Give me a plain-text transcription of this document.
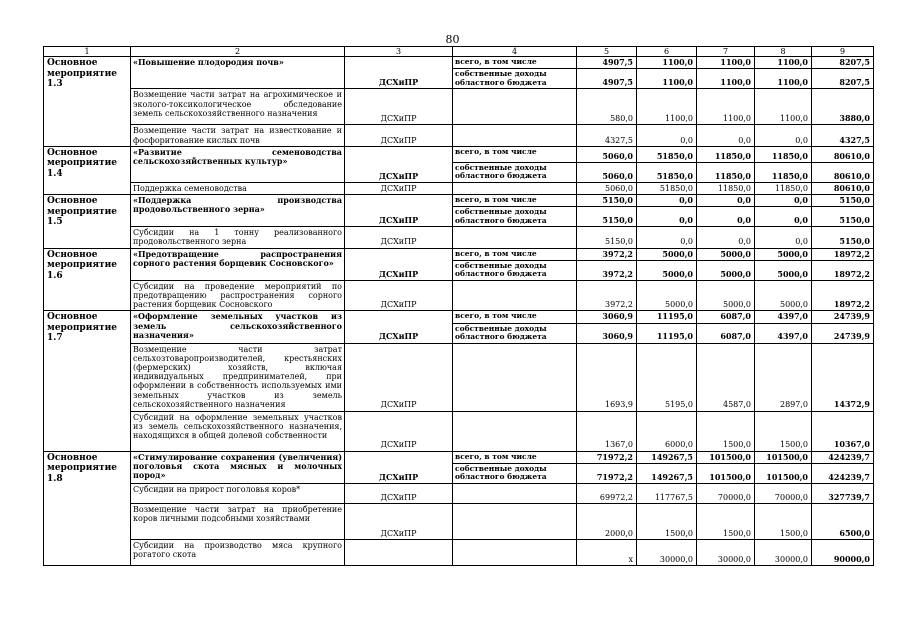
80
1	2	3	4	5	6	7	8	9
Основное мероприятие 1.3	«Повышение плодородия почв»	ДСХиПР	всего, в том числе	4907,5	1100,0	1100,0	1100,0	8207,5
			собственные доходы областного бюджета	4907,5	1100,0	1100,0	1100,0	8207,5
	Возмещение части затрат на агрохимическое и эколого-токсикологическое обследование земель сельскохозяйственного назначения	ДСХиПР		580,0	1100,0	1100,0	1100,0	3880,0
	Возмещение части затрат на известкование и фосфоритование кислых почв	ДСХиПР		4327,5	0,0	0,0	0,0	4327,5
Основное мероприятие 1.4	«Развитие семеноводства сельскохозяйственных культур»	ДСХиПР	всего, в том числе	5060,0	51850,0	11850,0	11850,0	80610,0
			собственные доходы областного бюджета	5060,0	51850,0	11850,0	11850,0	80610,0
	Поддержка семеноводства	ДСХиПР		5060,0	51850,0	11850,0	11850,0	80610,0
Основное мероприятие 1.5	«Поддержка производства продовольственного зерна»	ДСХиПР	всего, в том числе	5150,0	0,0	0,0	0,0	5150,0
			собственные доходы областного бюджета	5150,0	0,0	0,0	0,0	5150,0
	Субсидии на 1 тонну реализованного продовольственного зерна	ДСХиПР		5150,0	0,0	0,0	0,0	5150,0
Основное мероприятие 1.6	«Предотвращение распространения сорного растения борщевик Сосновского»	ДСХиПР	всего, в том числе	3972,2	5000,0	5000,0	5000,0	18972,2
			собственные доходы областного бюджета	3972,2	5000,0	5000,0	5000,0	18972,2
	Субсидии на проведение мероприятий по предотвращению распространения сорного растения борщевик Сосновского	ДСХиПР		3972,2	5000,0	5000,0	5000,0	18972,2
Основное мероприятие 1.7	«Оформление земельных участков из земель сельскохозяйственного назначения»	ДСХиПР	всего, в том числе	3060,9	11195,0	6087,0	4397,0	24739,9
			собственные доходы областного бюджета	3060,9	11195,0	6087,0	4397,0	24739,9
	Возмещение части затрат сельхозтоваропроизводителей, крестьянских (фермерских) хозяйств, включая индивидуальных предпринимателей, при оформлении в собственность используемых ими земельных участков из земель сельскохозяйственного назначения	ДСХиПР		1693,9	5195,0	4587,0	2897,0	14372,9
	Субсидий на оформление земельных участков из земель сельскохозяйственного назначения, находящихся в общей долевой собственности	ДСХиПР		1367,0	6000,0	1500,0	1500,0	10367,0
Основное мероприятие 1.8	«Стимулирование сохранения (увеличения) поголовья скота мясных и молочных пород»	ДСХиПР	всего, в том числе	71972,2	149267,5	101500,0	101500,0	424239,7
			собственные доходы областного бюджета	71972,2	149267,5	101500,0	101500,0	424239,7
	Субсидии на прирост поголовья коров*	ДСХиПР		69972,2	117767,5	70000,0	70000,0	327739,7
	Возмещение части затрат на приобретение коров личными подсобными хозяйствами	ДСХиПР		2000,0	1500,0	1500,0	1500,0	6500,0
	Субсидии на производство мяса крупного рогатого скота			x	30000,0	30000,0	30000,0	90000,0
